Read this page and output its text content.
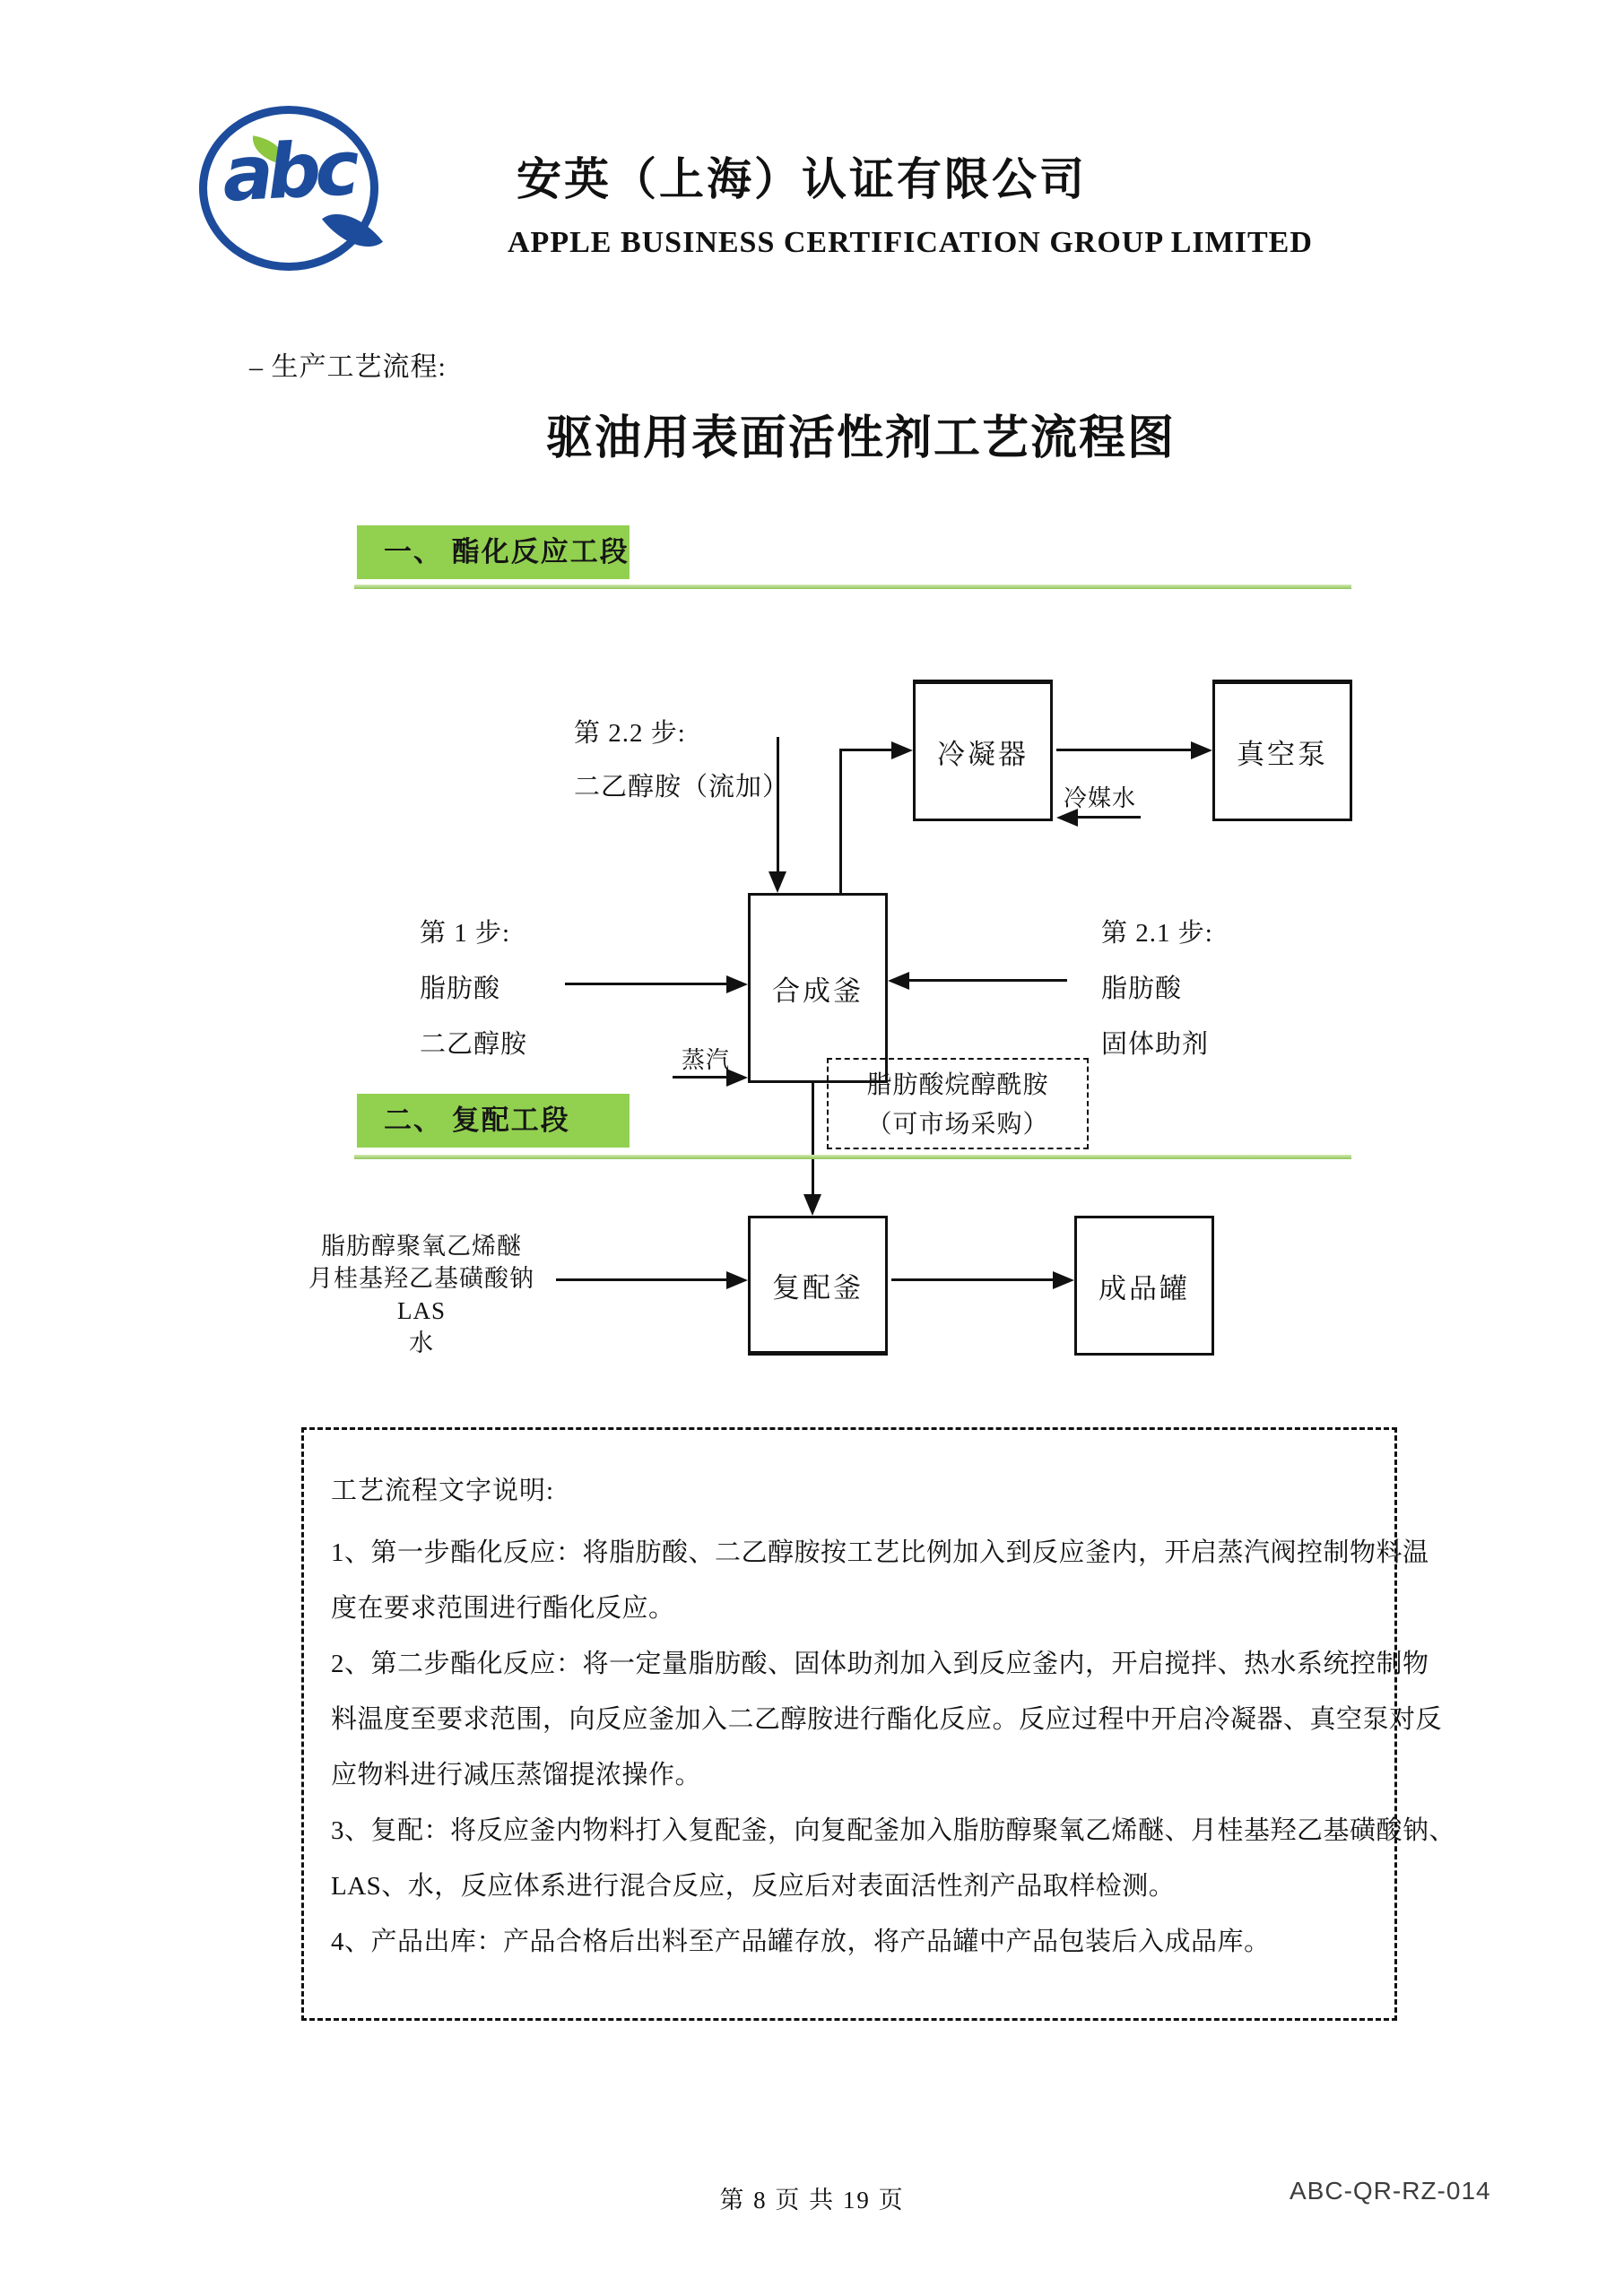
abc	安英（上海）认证有限公司
APPLE BUSINESS CERTIFICATION GROUP LIMITED
– 生产工艺流程:
驱油用表面活性剂工艺流程图
一、 酯化反应工段
冷凝器	真空泵
合成釜
第 2.2 步:
二乙醇胺（流加）	冷媒水
第 1 步:
脂肪酸
二乙醇胺
第 2.1 步:
脂肪酸
固体助剂
蒸汽
脂肪酸烷醇酰胺
（可市场采购）
二、 复配工段
脂肪醇聚氧乙烯醚
月桂基羟乙基磺酸钠
LAS
水
复配釜	成品罐
工艺流程文字说明:
1、第一步酯化反应：将脂肪酸、二乙醇胺按工艺比例加入到反应釜内，开启蒸汽阀控制物料温
度在要求范围进行酯化反应。
2、第二步酯化反应：将一定量脂肪酸、固体助剂加入到反应釜内，开启搅拌、热水系统控制物
料温度至要求范围，向反应釜加入二乙醇胺进行酯化反应。反应过程中开启冷凝器、真空泵对反
应物料进行减压蒸馏提浓操作。
3、复配：将反应釜内物料打入复配釜，向复配釜加入脂肪醇聚氧乙烯醚、月桂基羟乙基磺酸钠、
LAS、水，反应体系进行混合反应，反应后对表面活性剂产品取样检测。
4、产品出库：产品合格后出料至产品罐存放，将产品罐中产品包装后入成品库。
第 8 页 共 19 页	ABC-QR-RZ-014
